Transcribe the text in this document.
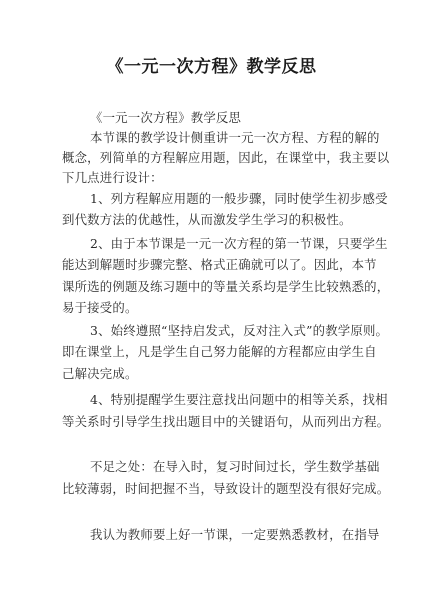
《一元一次方程》教学反思

《一元一次方程》教学反思

本节课的教学设计侧重讲一元一次方程、方程的解的

概念，列简单的方程解应用题，因此，在课堂中，我主要以

下几点进行设计：

1、列方程解应用题的一般步骤，同时使学生初步感受

到代数方法的优越性，从而激发学生学习的积极性。

2、由于本节课是一元一次方程的第一节课，只要学生

能达到解题时步骤完整、格式正确就可以了。因此，本节

课所选的例题及练习题中的等量关系均是学生比较熟悉的，

易于接受的。

3、始终遵照“坚持启发式，反对注入式”的教学原则。

即在课堂上，凡是学生自己努力能解的方程都应由学生自

己解决完成。

4、特别提醒学生要注意找出问题中的相等关系，找相

等关系时引导学生找出题目中的关键语句，从而列出方程。

不足之处：在导入时，复习时间过长，学生数学基础

比较薄弱，时间把握不当，导致设计的题型没有很好完成。

我认为教师要上好一节课，一定要熟悉教材，在指导
